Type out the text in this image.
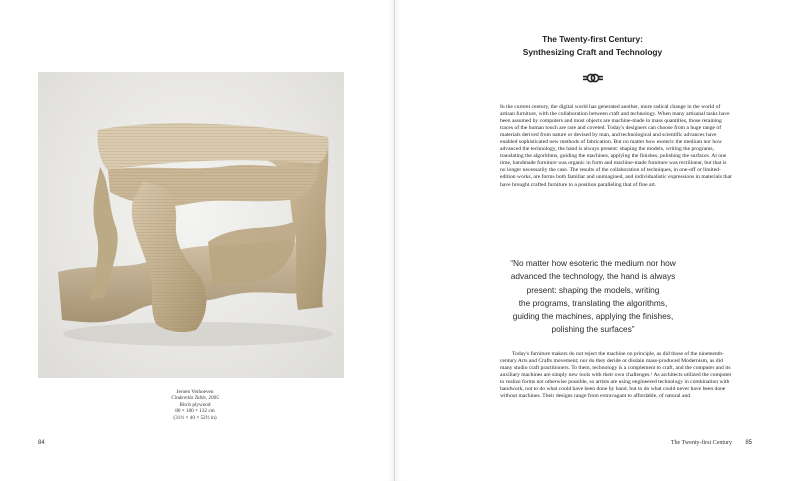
Jeroen Verhoeven
Cinderella Table, 2005
Birch plywood
80 × 100 × 132 cm
(31½ × 40 × 52½ in)
84
The Twenty-first Century:
Synthesizing Craft and Technology

In the current century, the digital world has generated another, more radical change in the world of artisan furniture, with the collaboration between craft and technology. When many artisanal tasks have been assumed by computers and most objects are machine-made in mass quantities, those retaining traces of the human touch are rare and coveted. Today's designers can choose from a huge range of materials derived from nature or devised by man, and technological and scientific advances have enabled sophisticated new methods of fabrication. But no matter how esoteric the medium nor how advanced the technology, the hand is always present: shaping the models, writing the programs, translating the algorithms, guiding the machines, applying the finishes, polishing the surfaces. At one time, handmade furniture was organic in form and machine-made furniture was rectilinear, but that is no longer necessarily the case. The results of the collaboration of techniques, in one-off or limited-edition works, are forms both familiar and unimagined, and individualistic expressions in materials that have brought crafted furniture to a position paralleling that of fine art.

“No matter how esoteric the medium nor how
advanced the technology, the hand is always
present: shaping the models, writing
the programs, translating the algorithms,
guiding the machines, applying the finishes,
polishing the surfaces”

Today's furniture makers do not reject the machine on principle, as did those of the nineteenth-century Arts and Crafts movement; nor do they deride or disdain mass-produced Modernism, as did many studio craft practitioners. To them, technology is a complement to craft, and the computer and its auxiliary machines are simply new tools with their own challenges.¹ As architects utilized the computer to realize forms not otherwise possible, so artists are using engineered technology in combination with handwork, not to do what could have been done by hand, but to do what could never have been done without machines. Their designs range from extravagant to affordable, of natural and

The Twenty-first Century 85
